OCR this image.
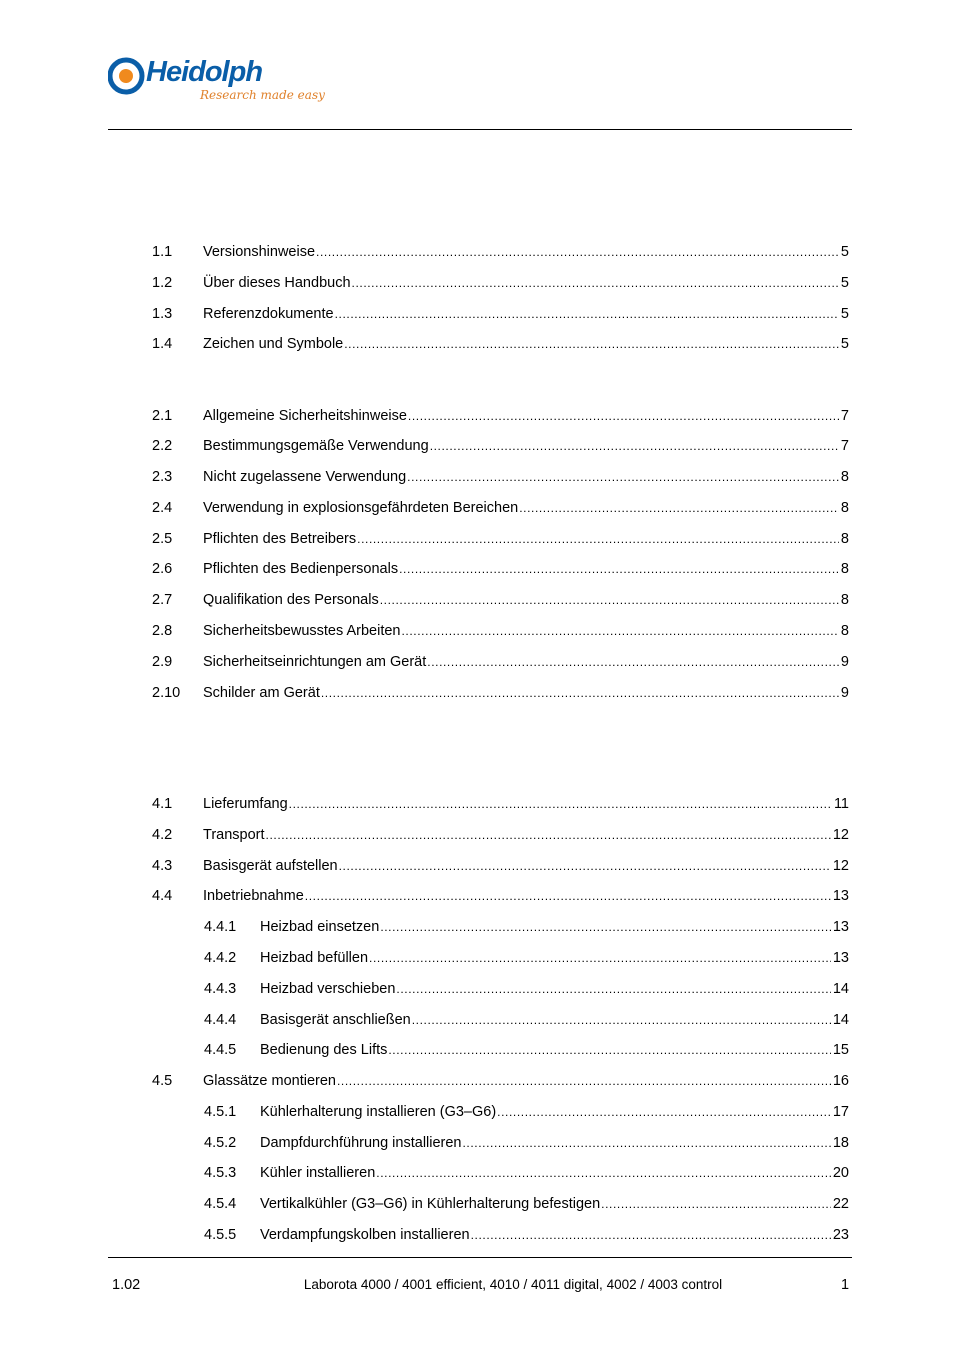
Heidolph
Research made easy
1.1 Versionshinweise .....	5
1.2 Über dieses Handbuch .....	5
1.3 Referenzdokumente .....	5
1.4 Zeichen und Symbole .....	5
2.1 Allgemeine Sicherheitshinweise .....	7
2.2 Bestimmungsgemäße Verwendung .....	7
2.3 Nicht zugelassene Verwendung .....	8
2.4 Verwendung in explosionsgefährdeten Bereichen .....	8
2.5 Pflichten des Betreibers .....	8
2.6 Pflichten des Bedienpersonals .....	8
2.7 Qualifikation des Personals .....	8
2.8 Sicherheitsbewusstes Arbeiten .....	8
2.9 Sicherheitseinrichtungen am Gerät .....	9
2.10 Schilder am Gerät .....	9
4.1 Lieferumfang .....	11
4.2 Transport .....	12
4.3 Basisgerät aufstellen .....	12
4.4 Inbetriebnahme .....	13
4.4.1 Heizbad einsetzen .....	13
4.4.2 Heizbad befüllen .....	13
4.4.3 Heizbad verschieben .....	14
4.4.4 Basisgerät anschließen .....	14
4.4.5 Bedienung des Lifts .....	15
4.5 Glassätze montieren .....	16
4.5.1 Kühlerhalterung installieren (G3–G6) .....	17
4.5.2 Dampfdurchführung installieren .....	18
4.5.3 Kühler installieren .....	20
4.5.4 Vertikalkühler (G3–G6) in Kühlerhalterung befestigen .....	22
4.5.5 Verdampfungskolben installieren .....	23
1.02	Laborota 4000 / 4001 efficient, 4010 / 4011 digital, 4002 / 4003 control	1
